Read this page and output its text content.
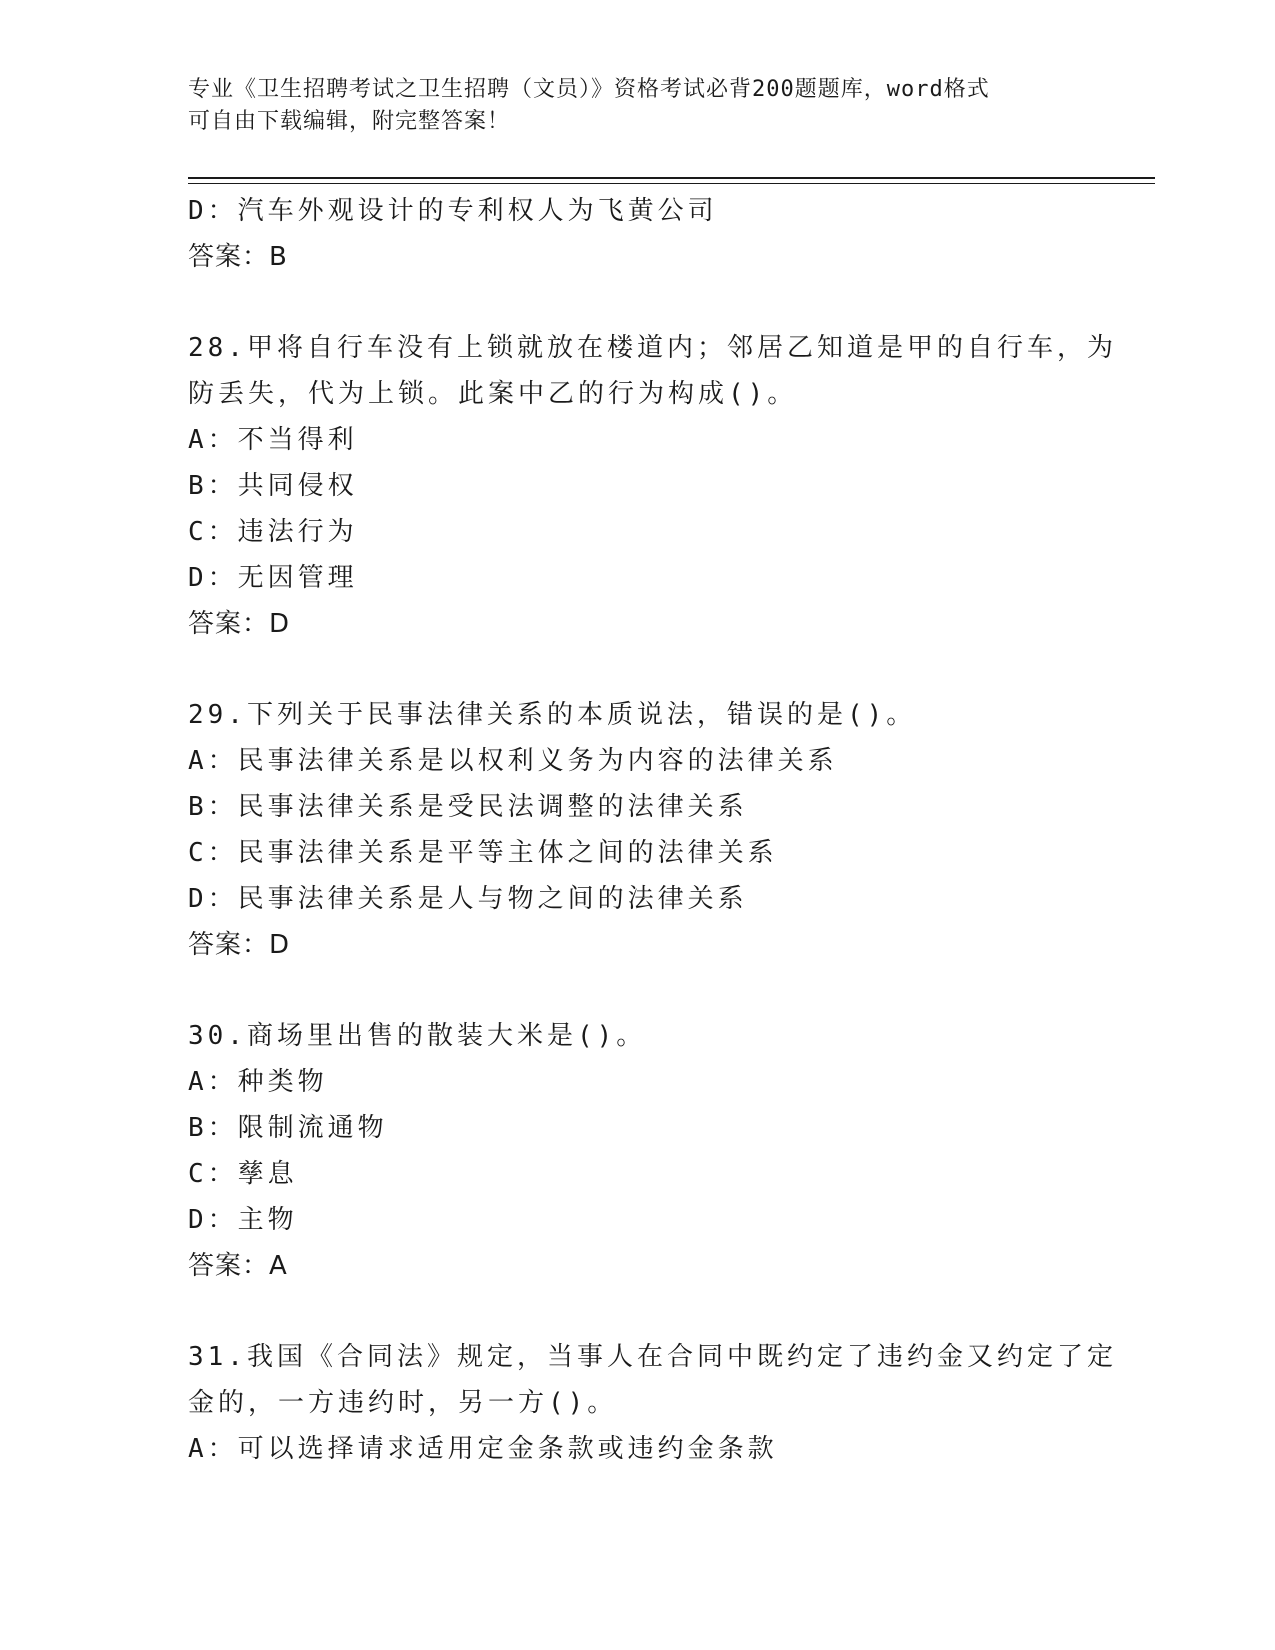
专业《卫生招聘考试之卫生招聘（文员）》资格考试必背200题题库，word格式

可自由下载编辑，附完整答案！

D：汽车外观设计的专利权人为飞黄公司
答案：B
28.甲将自行车没有上锁就放在楼道内；邻居乙知道是甲的自行车，为
防丢失，代为上锁。此案中乙的行为构成()。
A：不当得利
B：共同侵权
C：违法行为
D：无因管理
答案：D
29.下列关于民事法律关系的本质说法，错误的是()。
A：民事法律关系是以权利义务为内容的法律关系
B：民事法律关系是受民法调整的法律关系
C：民事法律关系是平等主体之间的法律关系
D：民事法律关系是人与物之间的法律关系
答案：D
30.商场里出售的散装大米是()。
A：种类物
B：限制流通物
C：孳息
D：主物
答案：A
31.我国《合同法》规定，当事人在合同中既约定了违约金又约定了定
金的，一方违约时，另一方()。
A：可以选择请求适用定金条款或违约金条款
